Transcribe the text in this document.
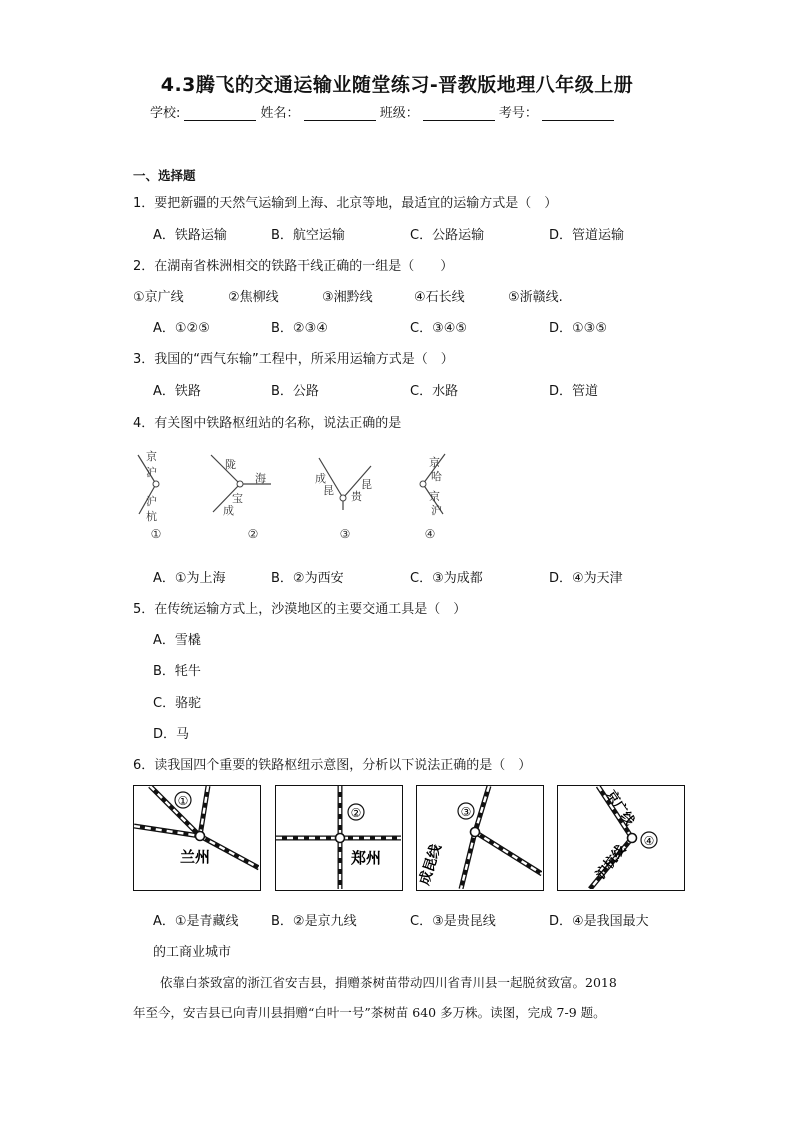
4.3腾飞的交通运输业随堂练习-晋教版地理八年级上册
学校:	姓名：	班级：	考号：
一、选择题
1．要把新疆的天然气运输到上海、北京等地，最适宜的运输方式是（　）
A．铁路运输	B．航空运输	C．公路运输	D．管道运输
2．在湖南省株洲相交的铁路干线正确的一组是（　　）
①京广线	②焦柳线	③湘黔线	④石长线	⑤浙赣线.
A．①②⑤	B．②③④	C．③④⑤	D．①③⑤
3．我国的“西气东输”工程中，所采用运输方式是（　）
A．铁路	B．公路	C．水路	D．管道
4．有关图中铁路枢纽站的名称，说法正确的是
京
沪
沪
杭
①
陇
海
宝
成
②
成
昆 贵
昆
③
京
哈
京
沪
④
A．①为上海	B．②为西安	C．③为成都	D．④为天津
5．在传统运输方式上，沙漠地区的主要交通工具是（　）
A．雪橇
B．牦牛
C．骆驼
D．马
6．读我国四个重要的铁路枢纽示意图，分析以下说法正确的是（　）
①
兰州
②
郑州
③
成昆线
④
京广线
沪杭线
A．①是青藏线 B．②是京九线	C．③是贵昆线	D．④是我国最大
的工商业城市
依靠白茶致富的浙江省安吉县，捐赠茶树苗带动四川省青川县一起脱贫致富。2018
年至今，安吉县已向青川县捐赠“白叶一号”茶树苗 640 多万株。读图，完成 7-9 题。
